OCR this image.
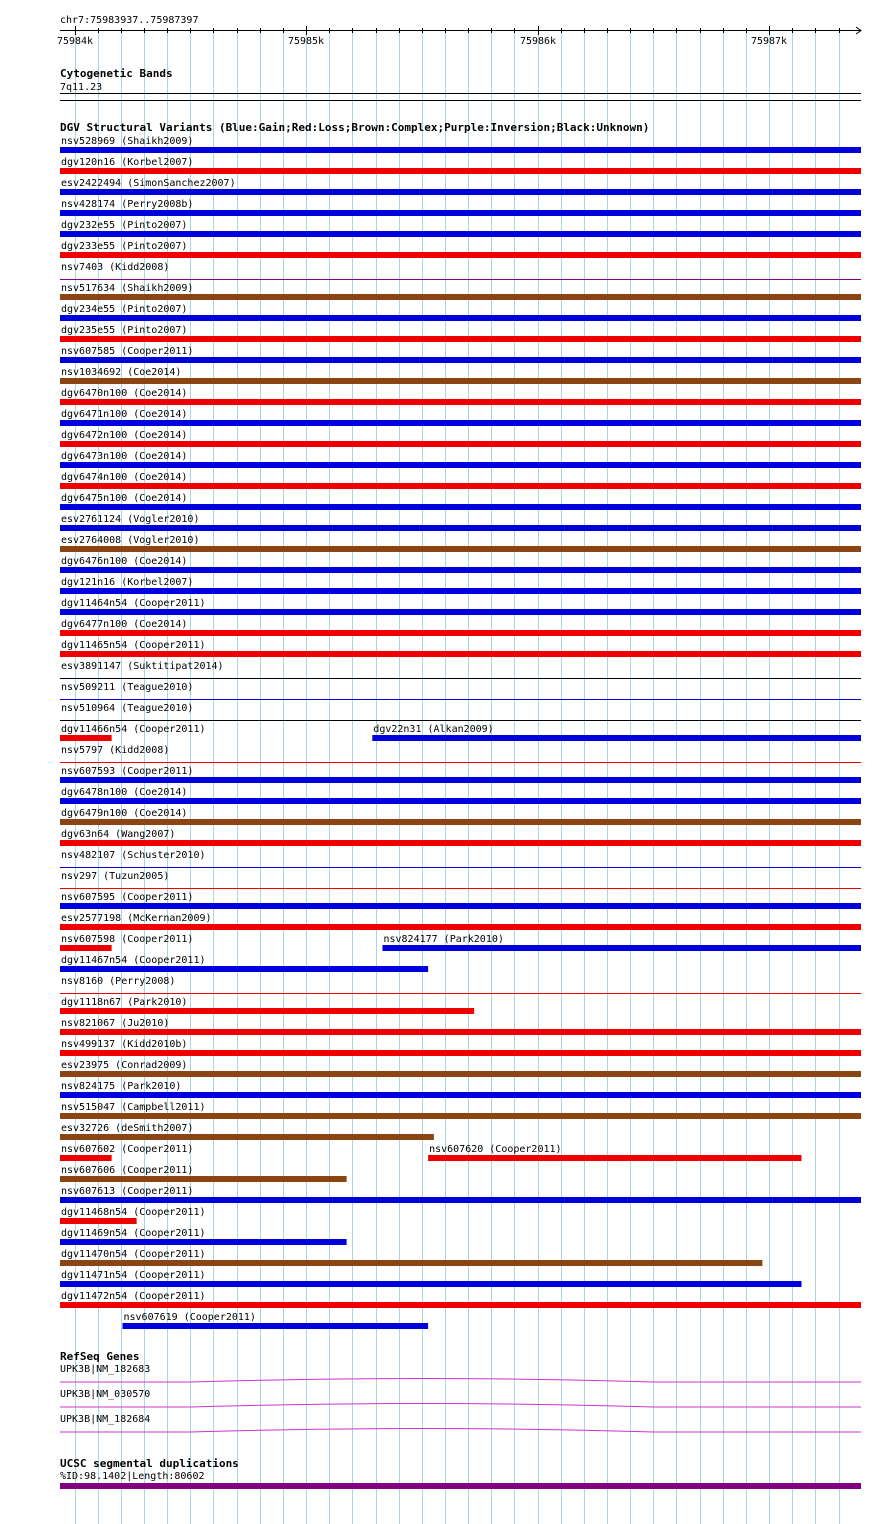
chr7:75983937..75987397
75984k	75985k	75986k	75987k
Cytogenetic Bands
7q11.23
DGV Structural Variants (Blue:Gain;Red:Loss;Brown:Complex;Purple:Inversion;Black:Unknown)
nsv528969 (Shaikh2009)
dgv120n16 (Korbel2007)
esv2422494 (SimonSanchez2007)
nsv428174 (Perry2008b)
dgv232e55 (Pinto2007)
dgv233e55 (Pinto2007)
nsv7403 (Kidd2008)
nsv517634 (Shaikh2009)
dgv234e55 (Pinto2007)
dgv235e55 (Pinto2007)
nsv607585 (Cooper2011)
nsv1034692 (Coe2014)
dgv6470n100 (Coe2014)
dgv6471n100 (Coe2014)
dgv6472n100 (Coe2014)
dgv6473n100 (Coe2014)
dgv6474n100 (Coe2014)
dgv6475n100 (Coe2014)
esv2761124 (Vogler2010)
esv2764008 (Vogler2010)
dgv6476n100 (Coe2014)
dgv121n16 (Korbel2007)
dgv11464n54 (Cooper2011)
dgv6477n100 (Coe2014)
dgv11465n54 (Cooper2011)
esv3891147 (Suktitipat2014)
nsv509211 (Teague2010)
nsv510964 (Teague2010)
dgv11466n54 (Cooper2011)	dgv22n31 (Alkan2009)
nsv5797 (Kidd2008)
nsv607593 (Cooper2011)
dgv6478n100 (Coe2014)
dgv6479n100 (Coe2014)
dgv63n64 (Wang2007)
nsv482107 (Schuster2010)
nsv297 (Tuzun2005)
nsv607595 (Cooper2011)
esv2577198 (McKernan2009)
nsv607598 (Cooper2011)	nsv824177 (Park2010)
dgv11467n54 (Cooper2011)
nsv8160 (Perry2008)
dgv1118n67 (Park2010)
nsv821067 (Ju2010)
nsv499137 (Kidd2010b)
esv23975 (Conrad2009)
nsv824175 (Park2010)
nsv515047 (Campbell2011)
esv32726 (deSmith2007)
nsv607602 (Cooper2011)	nsv607620 (Cooper2011)
nsv607606 (Cooper2011)
nsv607613 (Cooper2011)
dgv11468n54 (Cooper2011)
dgv11469n54 (Cooper2011)
dgv11470n54 (Cooper2011)
dgv11471n54 (Cooper2011)
dgv11472n54 (Cooper2011)
nsv607619 (Cooper2011)
RefSeq Genes
UPK3B|NM_182683
UPK3B|NM_030570
UPK3B|NM_182684
UCSC segmental duplications
%ID:98.1402|Length:80602
